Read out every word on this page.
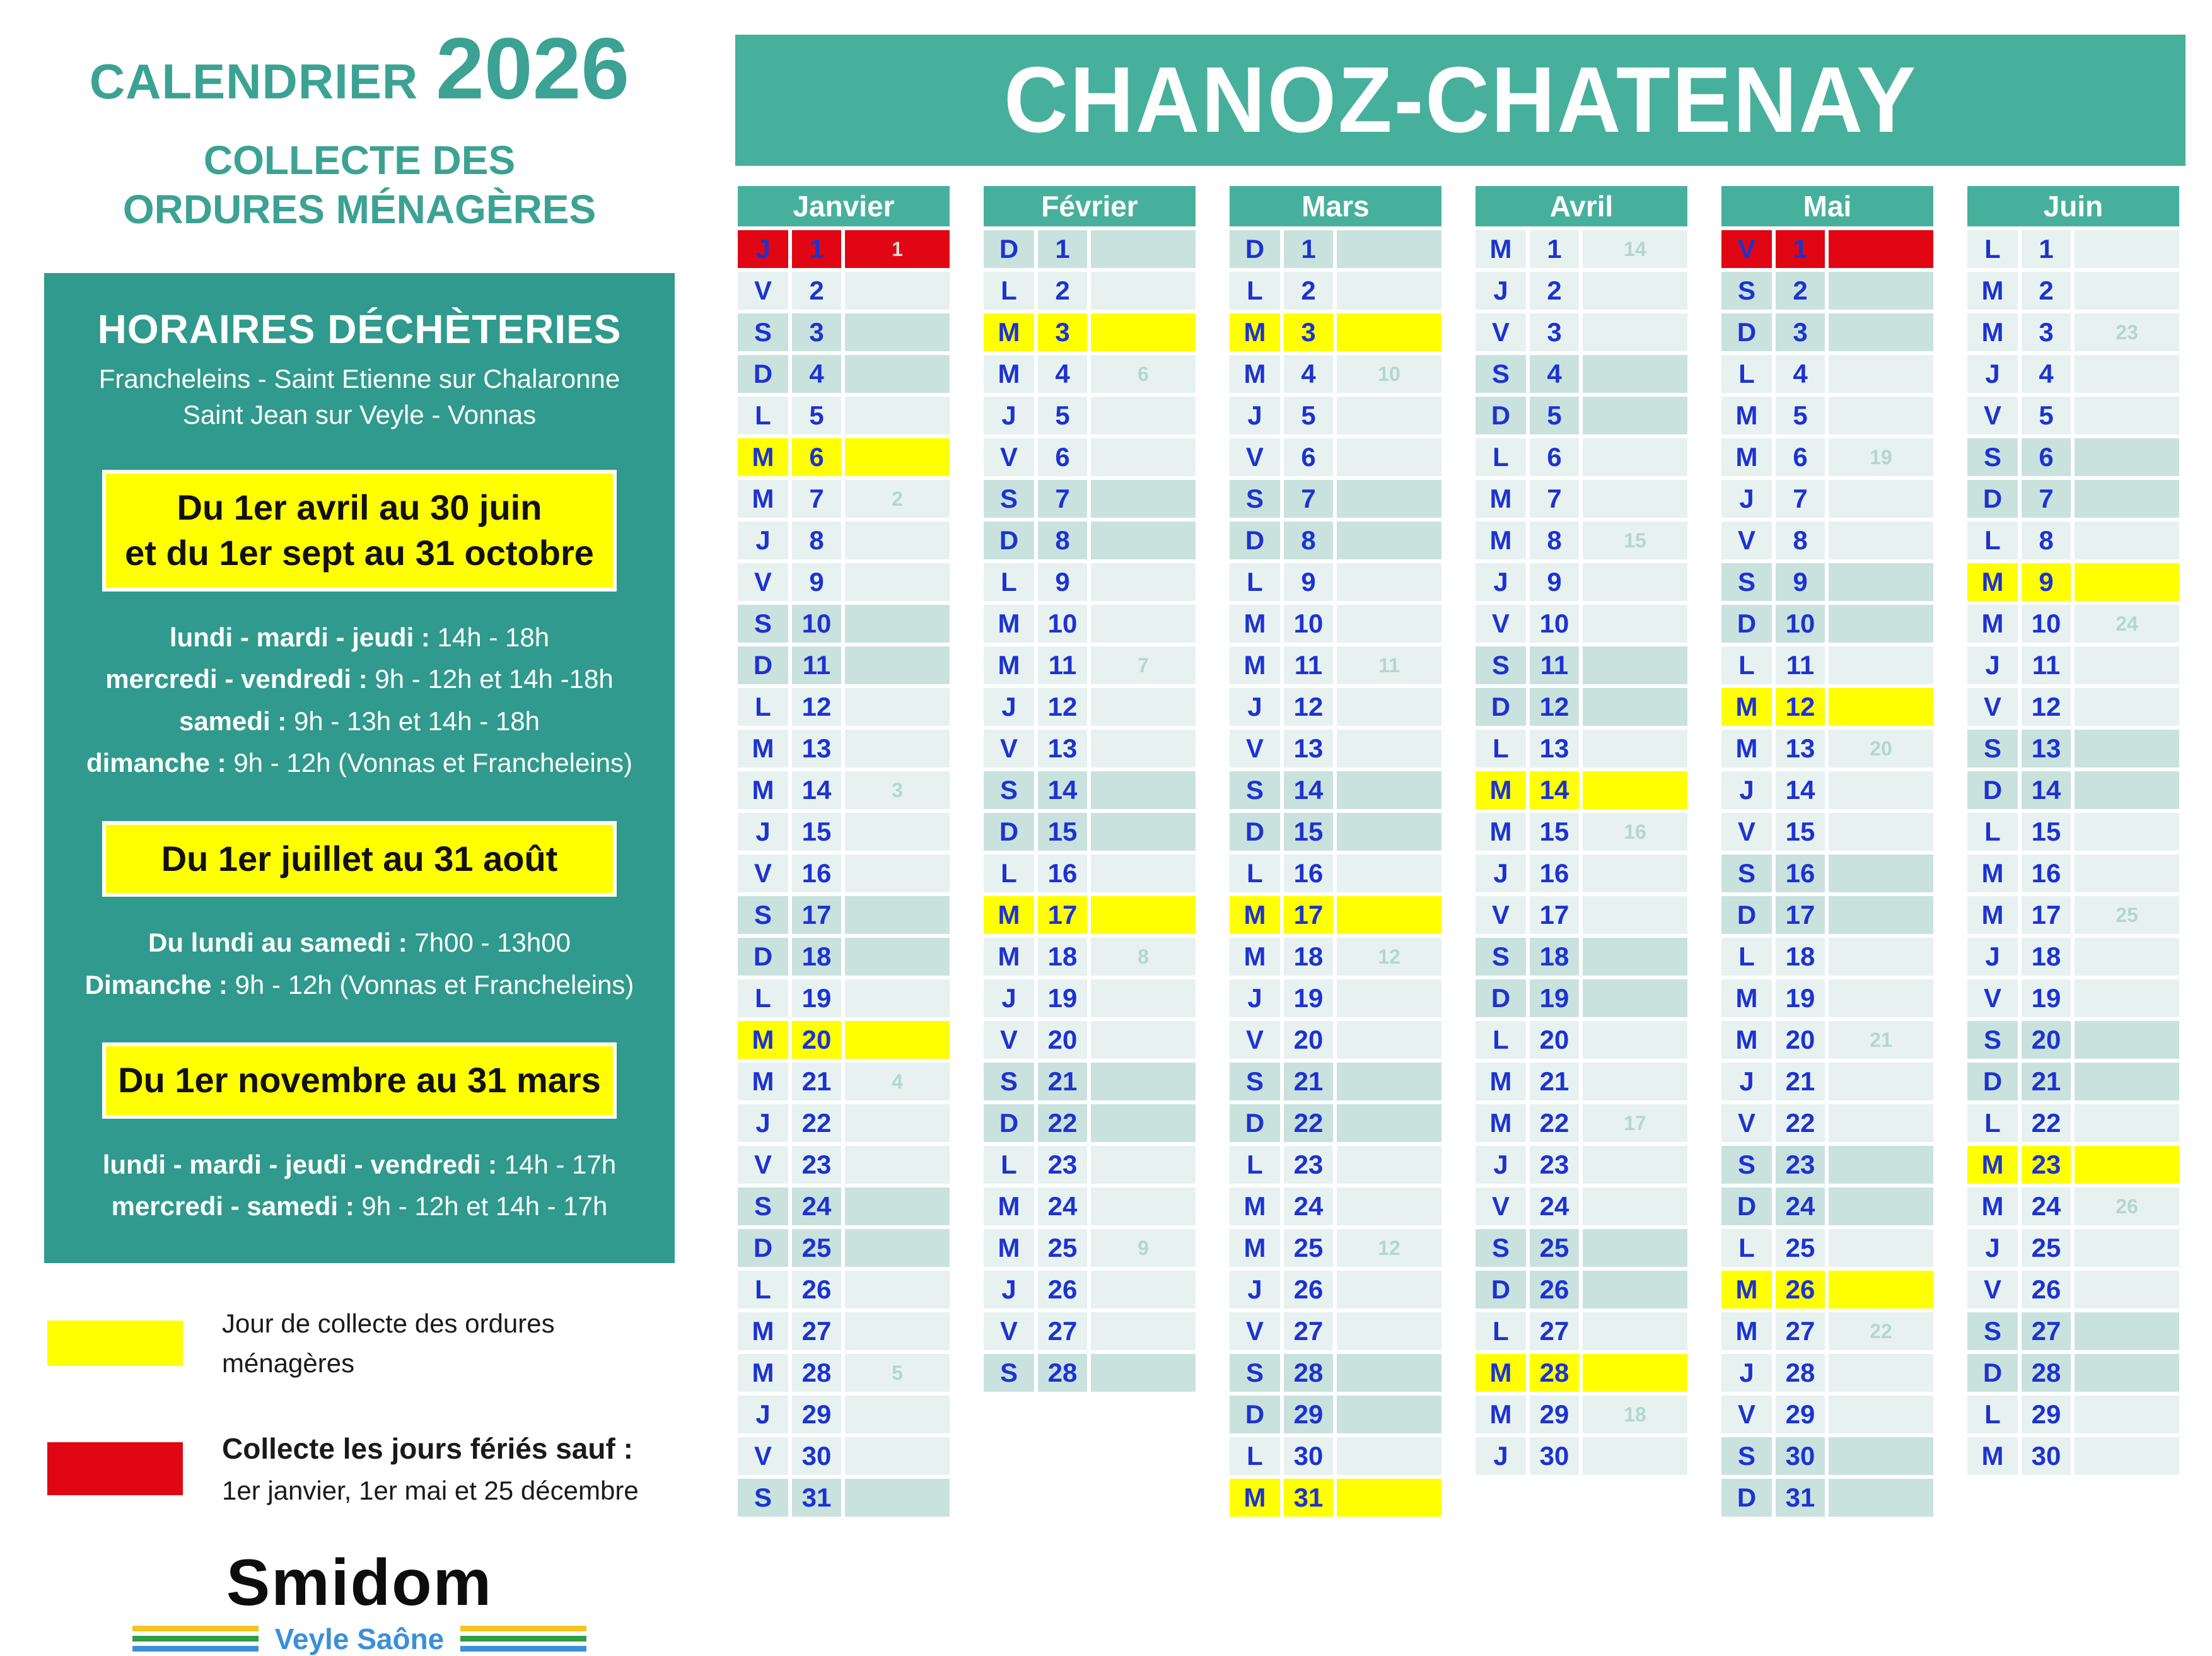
CALENDRIER 2026
COLLECTE DES
ORDURES MÉNAGÈRES
HORAIRES DÉCHÈTERIES
Francheleins - Saint Etienne sur Chalaronne
Saint Jean sur Veyle - Vonnas
Du 1er avril au 30 juin
et du 1er sept au 31 octobre
lundi - mardi - jeudi : 14h - 18h
mercredi - vendredi : 9h - 12h et 14h -18h
samedi : 9h - 13h et 14h - 18h
dimanche : 9h - 12h (Vonnas et Francheleins)
Du 1er juillet au 31 août
Du lundi au samedi : 7h00 - 13h00
Dimanche : 9h - 12h (Vonnas et Francheleins)
Du 1er novembre au 31 mars
lundi - mardi - jeudi - vendredi : 14h - 17h
mercredi - samedi : 9h - 12h et 14h - 17h
Jour de collecte des ordures ménagères
Collecte les jours fériés sauf :
1er janvier, 1er mai et 25 décembre
Smidom
Veyle Saône
CHANOZ-CHATENAY
Janvier
J 1	1
V 2
S 3
D 4
L 5
M 6
M 7	2
J 8
V 9
S 10
D 11
L 12
M 13
M 14	3
J 15
V 16
S 17
D 18
L 19
M 20
M 21	4
J 22
V 23
S 24
D 25
L 26
M 27
M 28	5
J 29
V 30
S 31
Février
D 1
L 2
M 3
M 4	6
J 5
V 6
S 7
D 8
L 9
M 10
M 11	7
J 12
V 13
S 14
D 15
L 16
M 17
M 18	8
J 19
V 20
S 21
D 22
L 23
M 24
M 25	9
J 26
V 27
S 28
Mars
D 1
L 2
M 3
M 4	10
J 5
V 6
S 7
D 8
L 9
M 10
M 11	11
J 12
V 13
S 14
D 15
L 16
M 17
M 18	12
J 19
V 20
S 21
D 22
L 23
M 24
M 25	12
J 26
V 27
S 28
D 29
L 30
M 31
Avril
M 1	14
J 2
V 3
S 4
D 5
L 6
M 7
M 8	15
J 9
V 10
S 11
D 12
L 13
M 14
M 15	16
J 16
V 17
S 18
D 19
L 20
M 21
M 22	17
J 23
V 24
S 25
D 26
L 27
M 28
M 29	18
J 30
Mai
V 1
S 2
D 3
L 4
M 5
M 6	19
J 7
V 8
S 9
D 10
L 11
M 12
M 13	20
J 14
V 15
S 16
D 17
L 18
M 19
M 20	21
J 21
V 22
S 23
D 24
L 25
M 26
M 27	22
J 28
V 29
S 30
D 31
Juin
L 1
M 2
M 3	23
J 4
V 5
S 6
D 7
L 8
M 9
M 10	24
J 11
V 12
S 13
D 14
L 15
M 16
M 17	25
J 18
V 19
S 20
D 21
L 22
M 23
M 24	26
J 25
V 26
S 27
D 28
L 29
M 30
